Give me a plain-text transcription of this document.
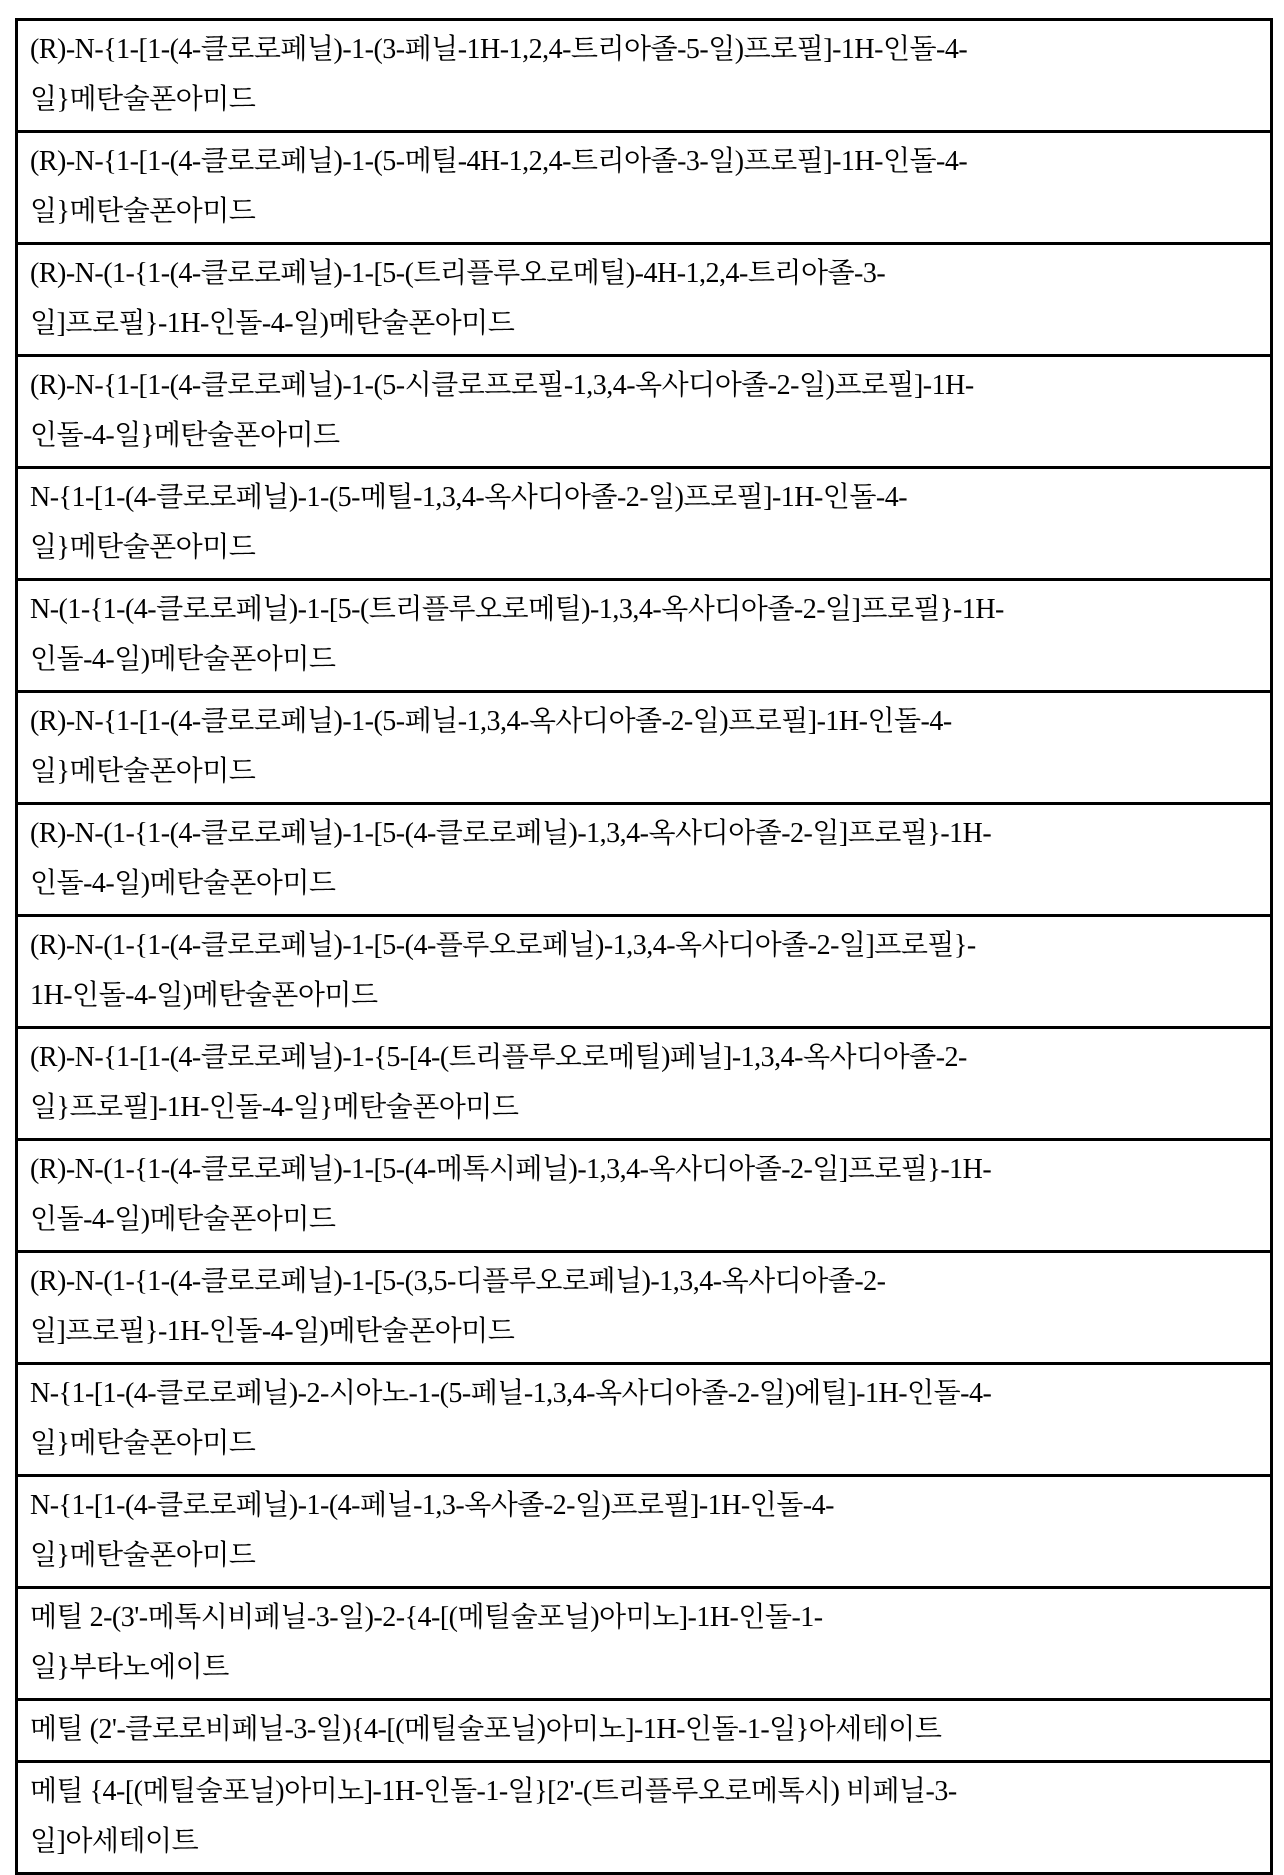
(R)-N-{1-[1-(4-클로로페닐)-1-(3-페닐-1H-1,2,4-트리아졸-5-일)프로필]-1H-인돌-4-
일}메탄술폰아미드

(R)-N-{1-[1-(4-클로로페닐)-1-(5-메틸-4H-1,2,4-트리아졸-3-일)프로필]-1H-인돌-4-
일}메탄술폰아미드

(R)-N-(1-{1-(4-클로로페닐)-1-[5-(트리플루오로메틸)-4H-1,2,4-트리아졸-3-
일]프로필}-1H-인돌-4-일)메탄술폰아미드

(R)-N-{1-[1-(4-클로로페닐)-1-(5-시클로프로필-1,3,4-옥사디아졸-2-일)프로필]-1H-
인돌-4-일}메탄술폰아미드

N-{1-[1-(4-클로로페닐)-1-(5-메틸-1,3,4-옥사디아졸-2-일)프로필]-1H-인돌-4-
일}메탄술폰아미드

N-(1-{1-(4-클로로페닐)-1-[5-(트리플루오로메틸)-1,3,4-옥사디아졸-2-일]프로필}-1H-
인돌-4-일)메탄술폰아미드

(R)-N-{1-[1-(4-클로로페닐)-1-(5-페닐-1,3,4-옥사디아졸-2-일)프로필]-1H-인돌-4-
일}메탄술폰아미드

(R)-N-(1-{1-(4-클로로페닐)-1-[5-(4-클로로페닐)-1,3,4-옥사디아졸-2-일]프로필}-1H-
인돌-4-일)메탄술폰아미드

(R)-N-(1-{1-(4-클로로페닐)-1-[5-(4-플루오로페닐)-1,3,4-옥사디아졸-2-일]프로필}-
1H-인돌-4-일)메탄술폰아미드

(R)-N-{1-[1-(4-클로로페닐)-1-{5-[4-(트리플루오로메틸)페닐]-1,3,4-옥사디아졸-2-
일}프로필]-1H-인돌-4-일}메탄술폰아미드

(R)-N-(1-{1-(4-클로로페닐)-1-[5-(4-메톡시페닐)-1,3,4-옥사디아졸-2-일]프로필}-1H-
인돌-4-일)메탄술폰아미드

(R)-N-(1-{1-(4-클로로페닐)-1-[5-(3,5-디플루오로페닐)-1,3,4-옥사디아졸-2-
일]프로필}-1H-인돌-4-일)메탄술폰아미드

N-{1-[1-(4-클로로페닐)-2-시아노-1-(5-페닐-1,3,4-옥사디아졸-2-일)에틸]-1H-인돌-4-
일}메탄술폰아미드

N-{1-[1-(4-클로로페닐)-1-(4-페닐-1,3-옥사졸-2-일)프로필]-1H-인돌-4-
일}메탄술폰아미드

메틸 2-(3'-메톡시비페닐-3-일)-2-{4-[(메틸술포닐)아미노]-1H-인돌-1-
일}부타노에이트

메틸 (2'-클로로비페닐-3-일){4-[(메틸술포닐)아미노]-1H-인돌-1-일}아세테이트

메틸 {4-[(메틸술포닐)아미노]-1H-인돌-1-일}[2'-(트리플루오로메톡시) 비페닐-3-
일]아세테이트
